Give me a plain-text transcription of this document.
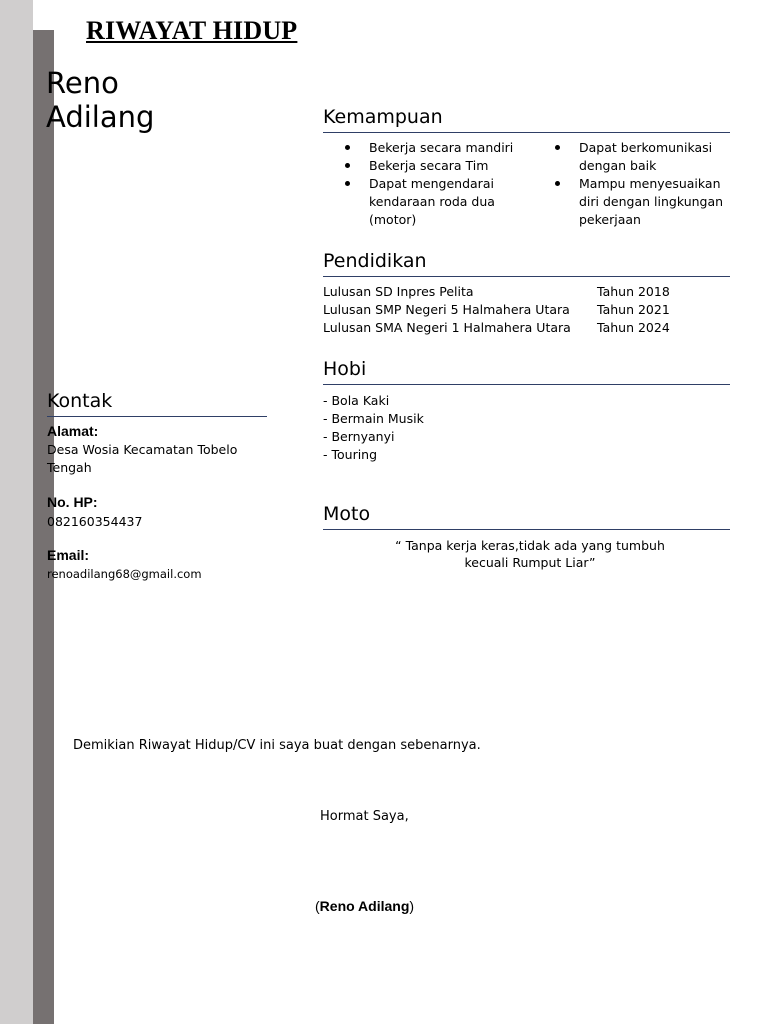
RIWAYAT HIDUP
Reno
Adilang	Kemampuan
Bekerja secara mandiri
Bekerja secara Tim
Dapat mengendarai kendaraan roda dua (motor)
Dapat berkomunikasi dengan baik
Mampu menyesuaikan diri dengan lingkungan pekerjaan
Pendidikan
Lulusan SD Inpres Pelita	Tahun 2018
Lulusan SMP Negeri 5 Halmahera Utara	Tahun 2021
Lulusan SMA Negeri 1 Halmahera Utara	Tahun 2024
Hobi
- Bola Kaki
- Bermain Musik
- Bernyanyi
- Touring
Kontak
Alamat:
Desa Wosia Kecamatan Tobelo Tengah
No. HP:
082160354437
Email:
renoadilang68@gmail.com
Moto
“ Tanpa kerja keras,tidak ada yang tumbuh kecuali Rumput Liar”
Demikian Riwayat Hidup/CV ini saya buat dengan sebenarnya.
Hormat Saya,
(Reno Adilang)
